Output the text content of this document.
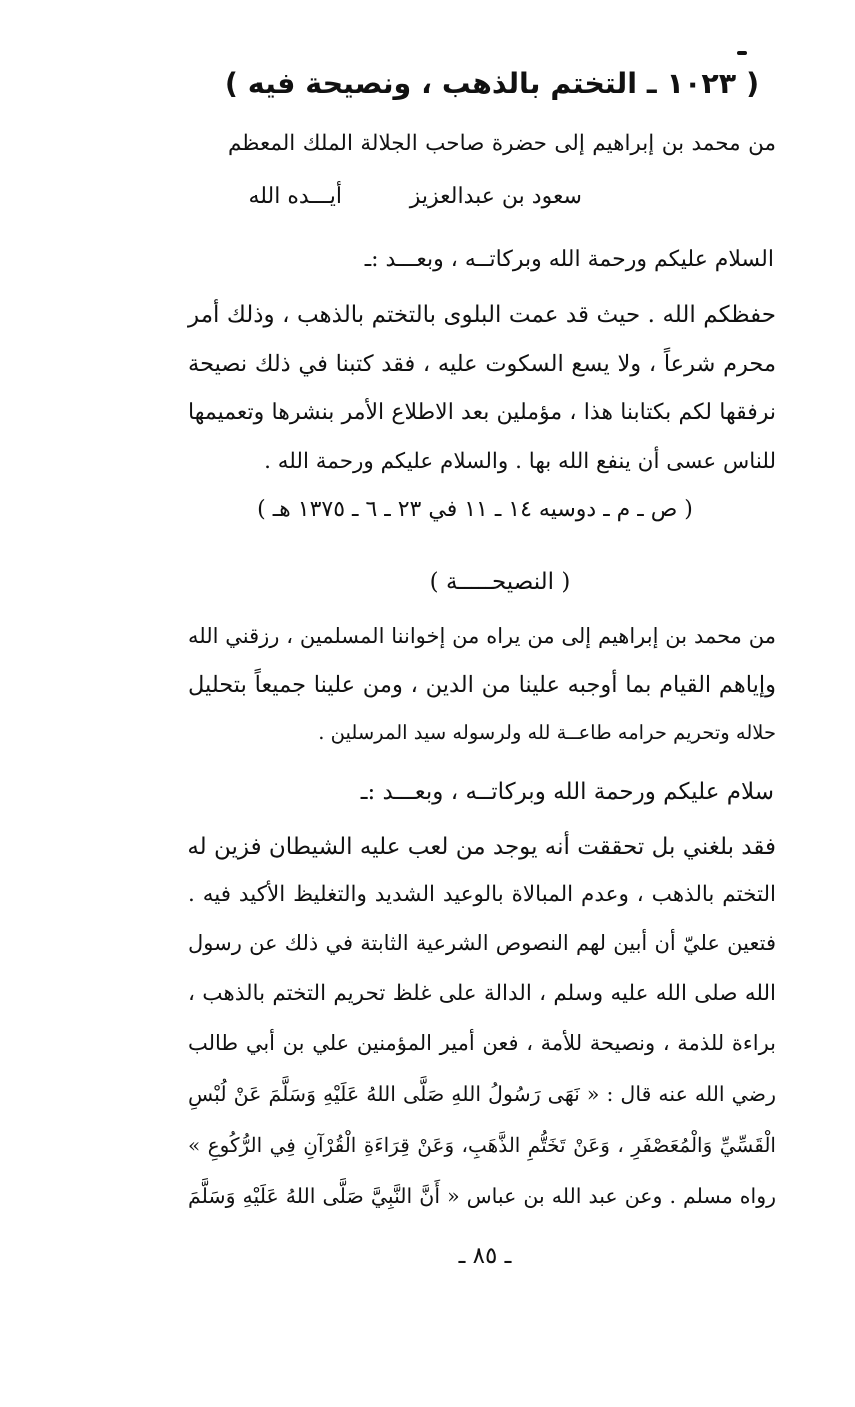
( ١٠٢٣ ـ التختم بالذهب ، ونصيحة فيه )
من محمد بن إبراهيم إلى حضرة صاحب الجلالة الملك المعظم
سعود بن عبدالعزيز
أيـــده الله
السلام عليكم ورحمة الله وبركاتــه ، وبعـــد :ـ
حفظكم الله . حيث قد عمت البلوى بالتختم بالذهب ، وذلك أمر
محرم شرعاً ، ولا يسع السكوت عليه ، فقد كتبنا في ذلك نصيحة
نرفقها لكم بكتابنا هذا ، مؤملين بعد الاطلاع الأمر بنشرها وتعميمها
للناس عسى أن ينفع الله بها . والسلام عليكم ورحمة الله .
( ص ـ م ـ دوسيه ١٤ ـ ١١ في ٢٣ ـ ٦ ـ ١٣٧٥ هـ )
( النصيحـــــة )
من محمد بن إبراهيم إلى من يراه من إخواننا المسلمين ، رزقني الله
وإياهم القيام بما أوجبه علينا من الدين ، ومن علينا جميعاً بتحليل
حلاله وتحريم حرامه طاعــة لله ولرسوله سيد المرسلين .
سلام عليكم ورحمة الله وبركاتــه ، وبعـــد :ـ
فقد بلغني بل تحققت أنه يوجد من لعب عليه الشيطان فزين له
التختم بالذهب ، وعدم المبالاة بالوعيد الشديد والتغليظ الأكيد فيه .
فتعين عليّ أن أبين لهم النصوص الشرعية الثابتة في ذلك عن رسول
الله صلى الله عليه وسلم ، الدالة على غلظ تحريم التختم بالذهب ،
براءة للذمة ، ونصيحة للأمة ، فعن أمير المؤمنين علي بن أبي طالب
رضي الله عنه قال : « نَهَى رَسُولُ اللهِ صَلَّى اللهُ عَلَيْهِ وَسَلَّمَ عَنْ لُبْسِ
الْقَسِّيِّ وَالْمُعَصْفَرِ ، وَعَنْ تَخَتُّمِ الذَّهَبِ، وَعَنْ قِرَاءَةِ الْقُرْآنِ فِي الرُّكُوعِ »
رواه مسلم . وعن عبد الله بن عباس « أَنَّ النَّبِيَّ صَلَّى اللهُ عَلَيْهِ وَسَلَّمَ
ـ ٨٥ ـ
